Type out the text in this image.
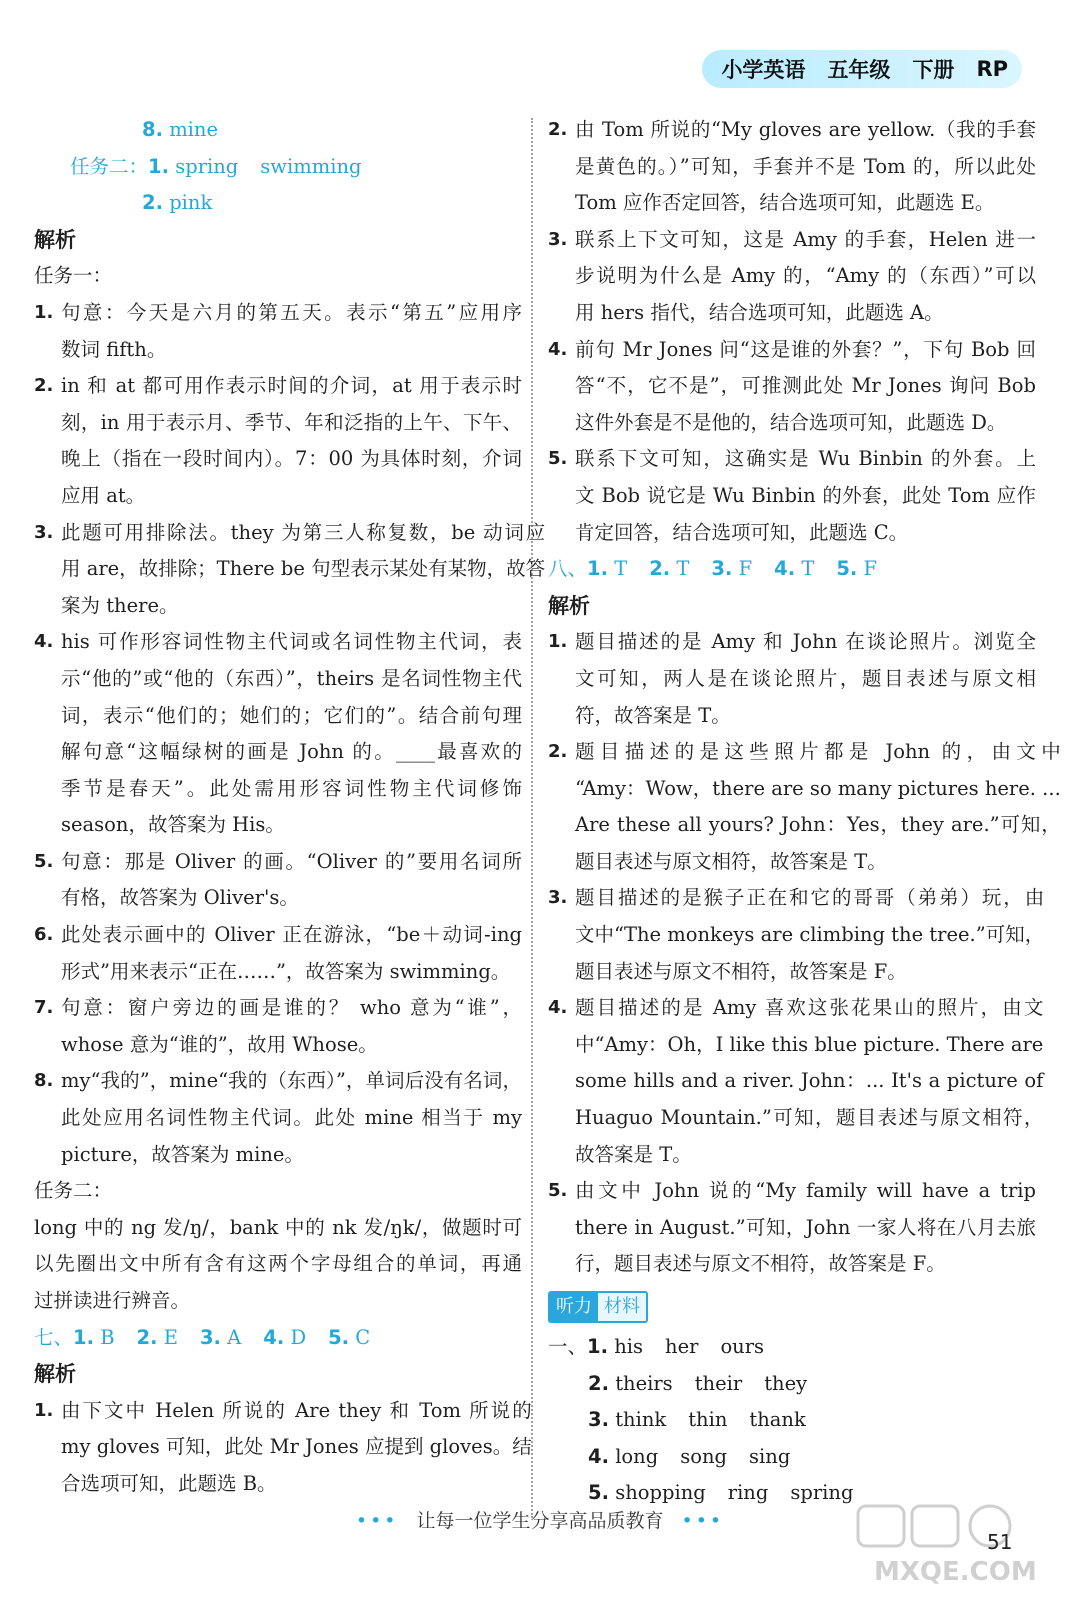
小学英语 五年级 下册 RP
8. mine
任务二： 1. spring swimming
2. pink
解析
任务一：
1. 句意：今天是六月的第五天。表示“第五”应用序
数词 fifth。
2. in 和 at 都可用作表示时间的介词，at 用于表示时
刻，in 用于表示月、季节、年和泛指的上午、下午、
晚上（指在一段时间内）。7：00 为具体时刻，介词
应用 at。
3. 此题可用排除法。they 为第三人称复数，be 动词应
用 are，故排除；There be 句型表示某处有某物，故答
案为 there。
4. his 可作形容词性物主代词或名词性物主代词，表
示“他的”或“他的（东西）”，theirs 是名词性物主代
词，表示“他们的；她们的；它们的”。结合前句理
解句意“这幅绿树的画是 John 的。____最喜欢的
季节是春天”。此处需用形容词性物主代词修饰
season，故答案为 His。
5. 句意：那是 Oliver 的画。“Oliver 的”要用名词所
有格，故答案为 Oliver's。
6. 此处表示画中的 Oliver 正在游泳，“be＋动词-ing
形式”用来表示“正在……”，故答案为 swimming。
7. 句意：窗户旁边的画是谁的？ who 意为“谁”，
whose 意为“谁的”，故用 Whose。
8. my“我的”，mine“我的（东西）”，单词后没有名词，
此处应用名词性物主代词。此处 mine 相当于 my
picture，故答案为 mine。
任务二：
long 中的 ng 发/ŋ/，bank 中的 nk 发/ŋk/，做题时可
以先圈出文中所有含有这两个字母组合的单词，再通
过拼读进行辨音。
七、 1. B 2. E 3. A 4. D 5. C
解析
1. 由下文中 Helen 所说的 Are they 和 Tom 所说的
my gloves 可知，此处 Mr Jones 应提到 gloves。结
合选项可知，此题选 B。
2. 由 Tom 所说的“My gloves are yellow.（我的手套
是黄色的。）”可知，手套并不是 Tom 的，所以此处
Tom 应作否定回答，结合选项可知，此题选 E。
3. 联系上下文可知，这是 Amy 的手套，Helen 进一
步说明为什么是 Amy 的，“Amy 的（东西）”可以
用 hers 指代，结合选项可知，此题选 A。
4. 前句 Mr Jones 问“这是谁的外套？”，下句 Bob 回
答“不，它不是”，可推测此处 Mr Jones 询问 Bob
这件外套是不是他的，结合选项可知，此题选 D。
5. 联系下文可知，这确实是 Wu Binbin 的外套。上
文 Bob 说它是 Wu Binbin 的外套，此处 Tom 应作
肯定回答，结合选项可知，此题选 C。
八、 1. T 2. T 3. F 4. T 5. F
解析
1. 题目描述的是 Amy 和 John 在谈论照片。浏览全
文可知，两人是在谈论照片，题目表述与原文相
符，故答案是 T。
2. 题目描述的是这些照片都是 John 的，由文中
“Amy：Wow，there are so many pictures here. ...
Are these all yours? John：Yes，they are.”可知，
题目表述与原文相符，故答案是 T。
3. 题目描述的是猴子正在和它的哥哥（弟弟）玩，由
文中“The monkeys are climbing the tree.”可知，
题目表述与原文不相符，故答案是 F。
4. 题目描述的是 Amy 喜欢这张花果山的照片，由文
中“Amy：Oh，I like this blue picture. There are
some hills and a river. John：... It's a picture of
Huaguo Mountain.”可知，题目表述与原文相符，
故答案是 T。
5. 由文中 John 说的“My family will have a trip
there in August.”可知，John 一家人将在八月去旅
行，题目表述与原文不相符，故答案是 F。
听力 材料
一、 1. his her ours
2. theirs their they
3. think thin thank
4. long song sing
5. shopping ring spring
••• 让每一位学生分享高品质教育 •••
51
MXQE.COM
